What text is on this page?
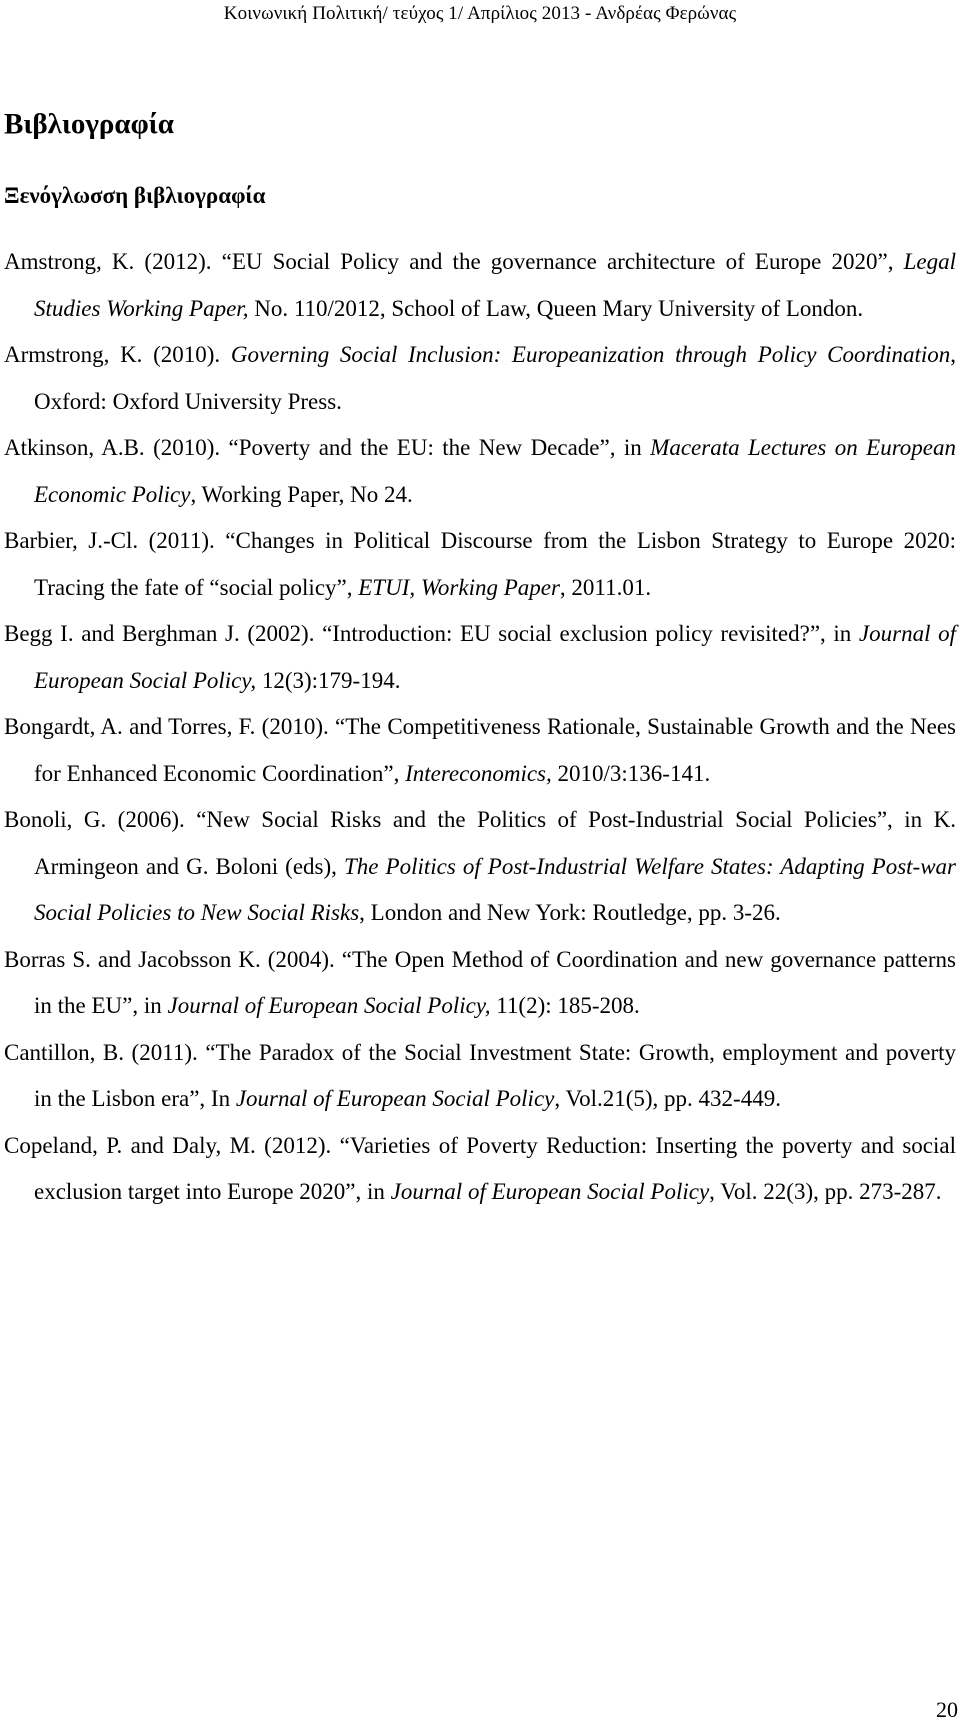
Κοινωνική Πολιτική/ τεύχος 1/ Απρίλιος 2013 - Ανδρέας Φερώνας
Βιβλιογραφία
Ξενόγλωσση βιβλιογραφία
Amstrong, K. (2012). “EU Social Policy and the governance architecture of Europe 2020”, Legal Studies Working Paper, No. 110/2012, School of Law, Queen Mary University of London.
Armstrong, K. (2010). Governing Social Inclusion: Europeanization through Policy Coordination, Oxford: Oxford University Press.
Atkinson, A.B. (2010). “Poverty and the EU: the New Decade”, in Macerata Lectures on European Economic Policy, Working Paper, No 24.
Barbier, J.-Cl. (2011). “Changes in Political Discourse from the Lisbon Strategy to Europe 2020: Tracing the fate of “social policy”, ETUI, Working Paper, 2011.01.
Begg I. and Berghman J. (2002). “Introduction: EU social exclusion policy revisited?”, in Journal of European Social Policy, 12(3):179-194.
Bongardt, A. and Torres, F. (2010). “The Competitiveness Rationale, Sustainable Growth and the Nees for Enhanced Economic Coordination”, Intereconomics, 2010/3:136-141.
Bonoli, G. (2006). “New Social Risks and the Politics of Post-Industrial Social Policies”, in K. Armingeon and G. Boloni (eds), The Politics of Post-Industrial Welfare States: Adapting Post-war Social Policies to New Social Risks, London and New York: Routledge, pp. 3-26.
Borras S. and Jacobsson K. (2004). “The Open Method of Coordination and new governance patterns in the EU”, in Journal of European Social Policy, 11(2): 185-208.
Cantillon, B. (2011). “The Paradox of the Social Investment State: Growth, employment and poverty in the Lisbon era”, In Journal of European Social Policy, Vol.21(5), pp. 432-449.
Copeland, P. and Daly, M. (2012). “Varieties of Poverty Reduction: Inserting the poverty and social exclusion target into Europe 2020”, in Journal of European Social Policy, Vol. 22(3), pp. 273-287.
20
